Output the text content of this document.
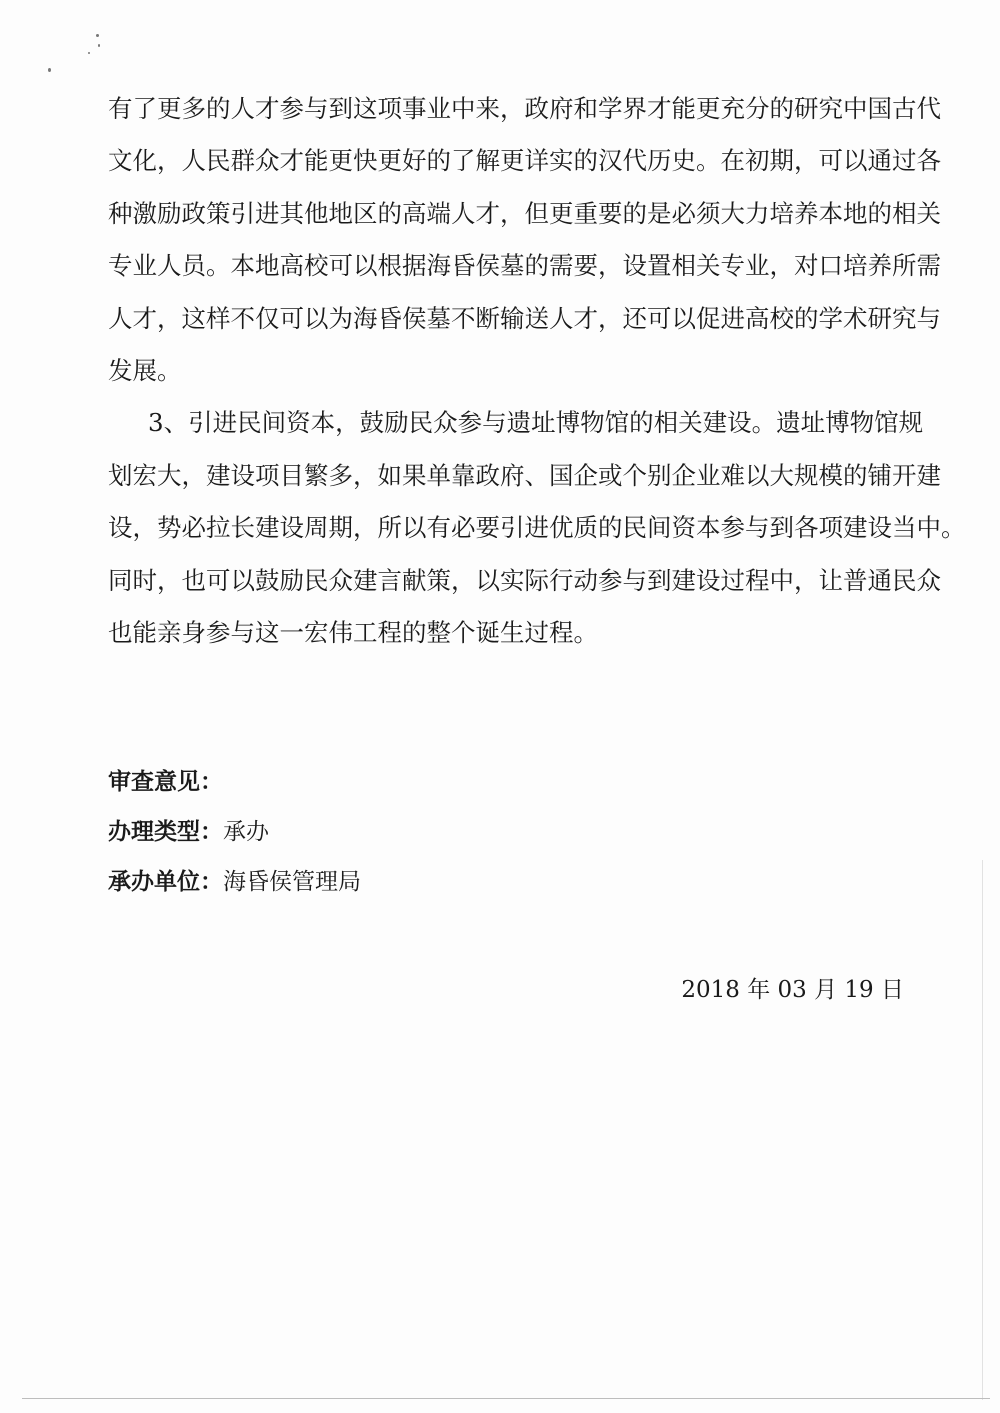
有了更多的人才参与到这项事业中来，政府和学界才能更充分的研究中国古代
文化，人民群众才能更快更好的了解更详实的汉代历史。在初期，可以通过各
种激励政策引进其他地区的高端人才，但更重要的是必须大力培养本地的相关
专业人员。本地高校可以根据海昏侯墓的需要，设置相关专业，对口培养所需
人才，这样不仅可以为海昏侯墓不断输送人才，还可以促进高校的学术研究与
发展。
3、引进民间资本，鼓励民众参与遗址博物馆的相关建设。遗址博物馆规
划宏大，建设项目繁多，如果单靠政府、国企或个别企业难以大规模的铺开建
设，势必拉长建设周期，所以有必要引进优质的民间资本参与到各项建设当中。
同时，也可以鼓励民众建言献策，以实际行动参与到建设过程中，让普通民众
也能亲身参与这一宏伟工程的整个诞生过程。
审查意见：
办理类型：承办
承办单位：海昏侯管理局
2018 年 03 月 19 日
